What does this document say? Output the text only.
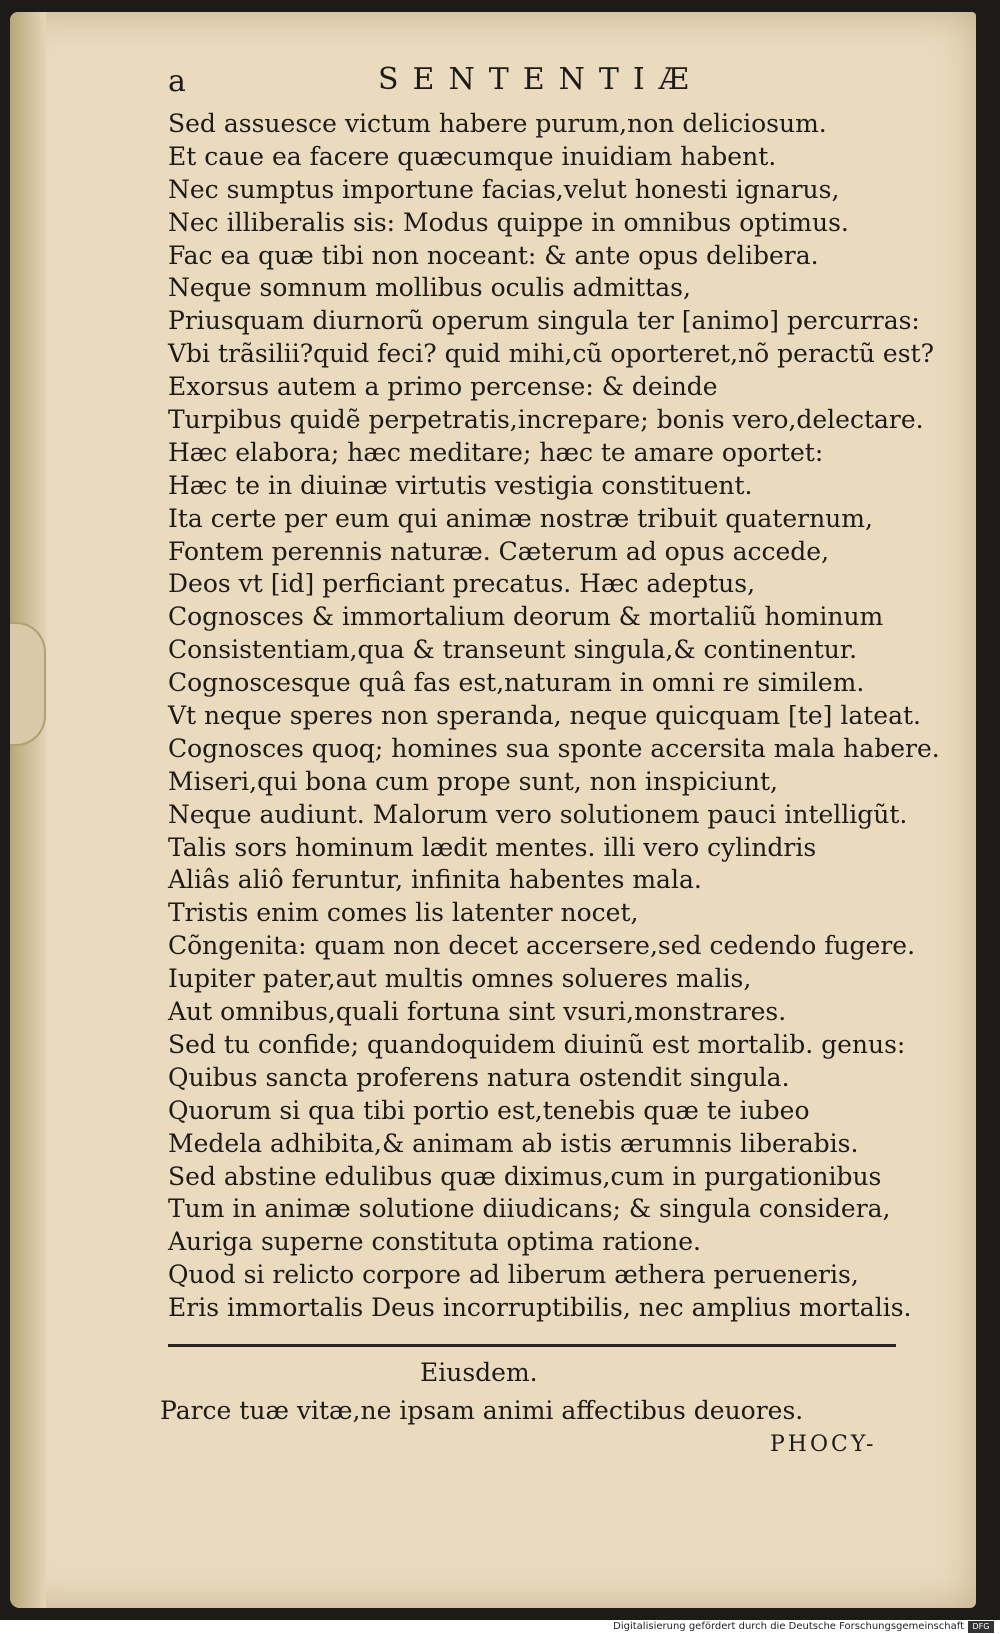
a	SENTENTIÆ
Sed assuesce victum habere purum,non deliciosum.
Et caue ea facere quæcumque inuidiam habent.
Nec sumptus importune facias,velut honesti ignarus,
Nec illiberalis sis: Modus quippe in omnibus optimus.
Fac ea quæ tibi non noceant: & ante opus delibera.
Neque somnum mollibus oculis admittas,
Priusquam diurnorũ operum singula ter [animo] percurras:
Vbi trãsilii?quid feci? quid mihi,cũ oporteret,nõ peractũ est?
Exorsus autem a primo percense: & deinde
Turpibus quidẽ perpetratis,increpare; bonis vero,delectare.
Hæc elabora; hæc meditare; hæc te amare oportet:
Hæc te in diuinæ virtutis vestigia constituent.
Ita certe per eum qui animæ nostræ tribuit quaternum,
Fontem perennis naturæ. Cæterum ad opus accede,
Deos vt [id] perficiant precatus. Hæc adeptus,
Cognosces & immortalium deorum & mortaliũ hominum
Consistentiam,qua & transeunt singula,& continentur.
Cognoscesque quâ fas est,naturam in omni re similem.
Vt neque speres non speranda, neque quicquam [te] lateat.
Cognosces quoq; homines sua sponte accersita mala habere.
Miseri,qui bona cum prope sunt, non inspiciunt,
Neque audiunt. Malorum vero solutionem pauci intelligũt.
Talis sors hominum lædit mentes. illi vero cylindris
Aliâs aliô feruntur, infinita habentes mala.
Tristis enim comes lis latenter nocet,
Cõngenita: quam non decet accersere,sed cedendo fugere.
Iupiter pater,aut multis omnes solueres malis,
Aut omnibus,quali fortuna sint vsuri,monstrares.
Sed tu confide; quandoquidem diuinũ est mortalib. genus:
Quibus sancta proferens natura ostendit singula.
Quorum si qua tibi portio est,tenebis quæ te iubeo
Medela adhibita,& animam ab istis ærumnis liberabis.
Sed abstine edulibus quæ diximus,cum in purgationibus
Tum in animæ solutione diiudicans; & singula considera,
Auriga superne constituta optima ratione.
Quod si relicto corpore ad liberum æthera perueneris,
Eris immortalis Deus incorruptibilis, nec amplius mortalis.
Eiusdem.
Parce tuæ vitæ,ne ipsam animi affectibus deuores.
PHOCY-
Digitalisierung gefördert durch die Deutsche Forschungsgemeinschaft	DFG
